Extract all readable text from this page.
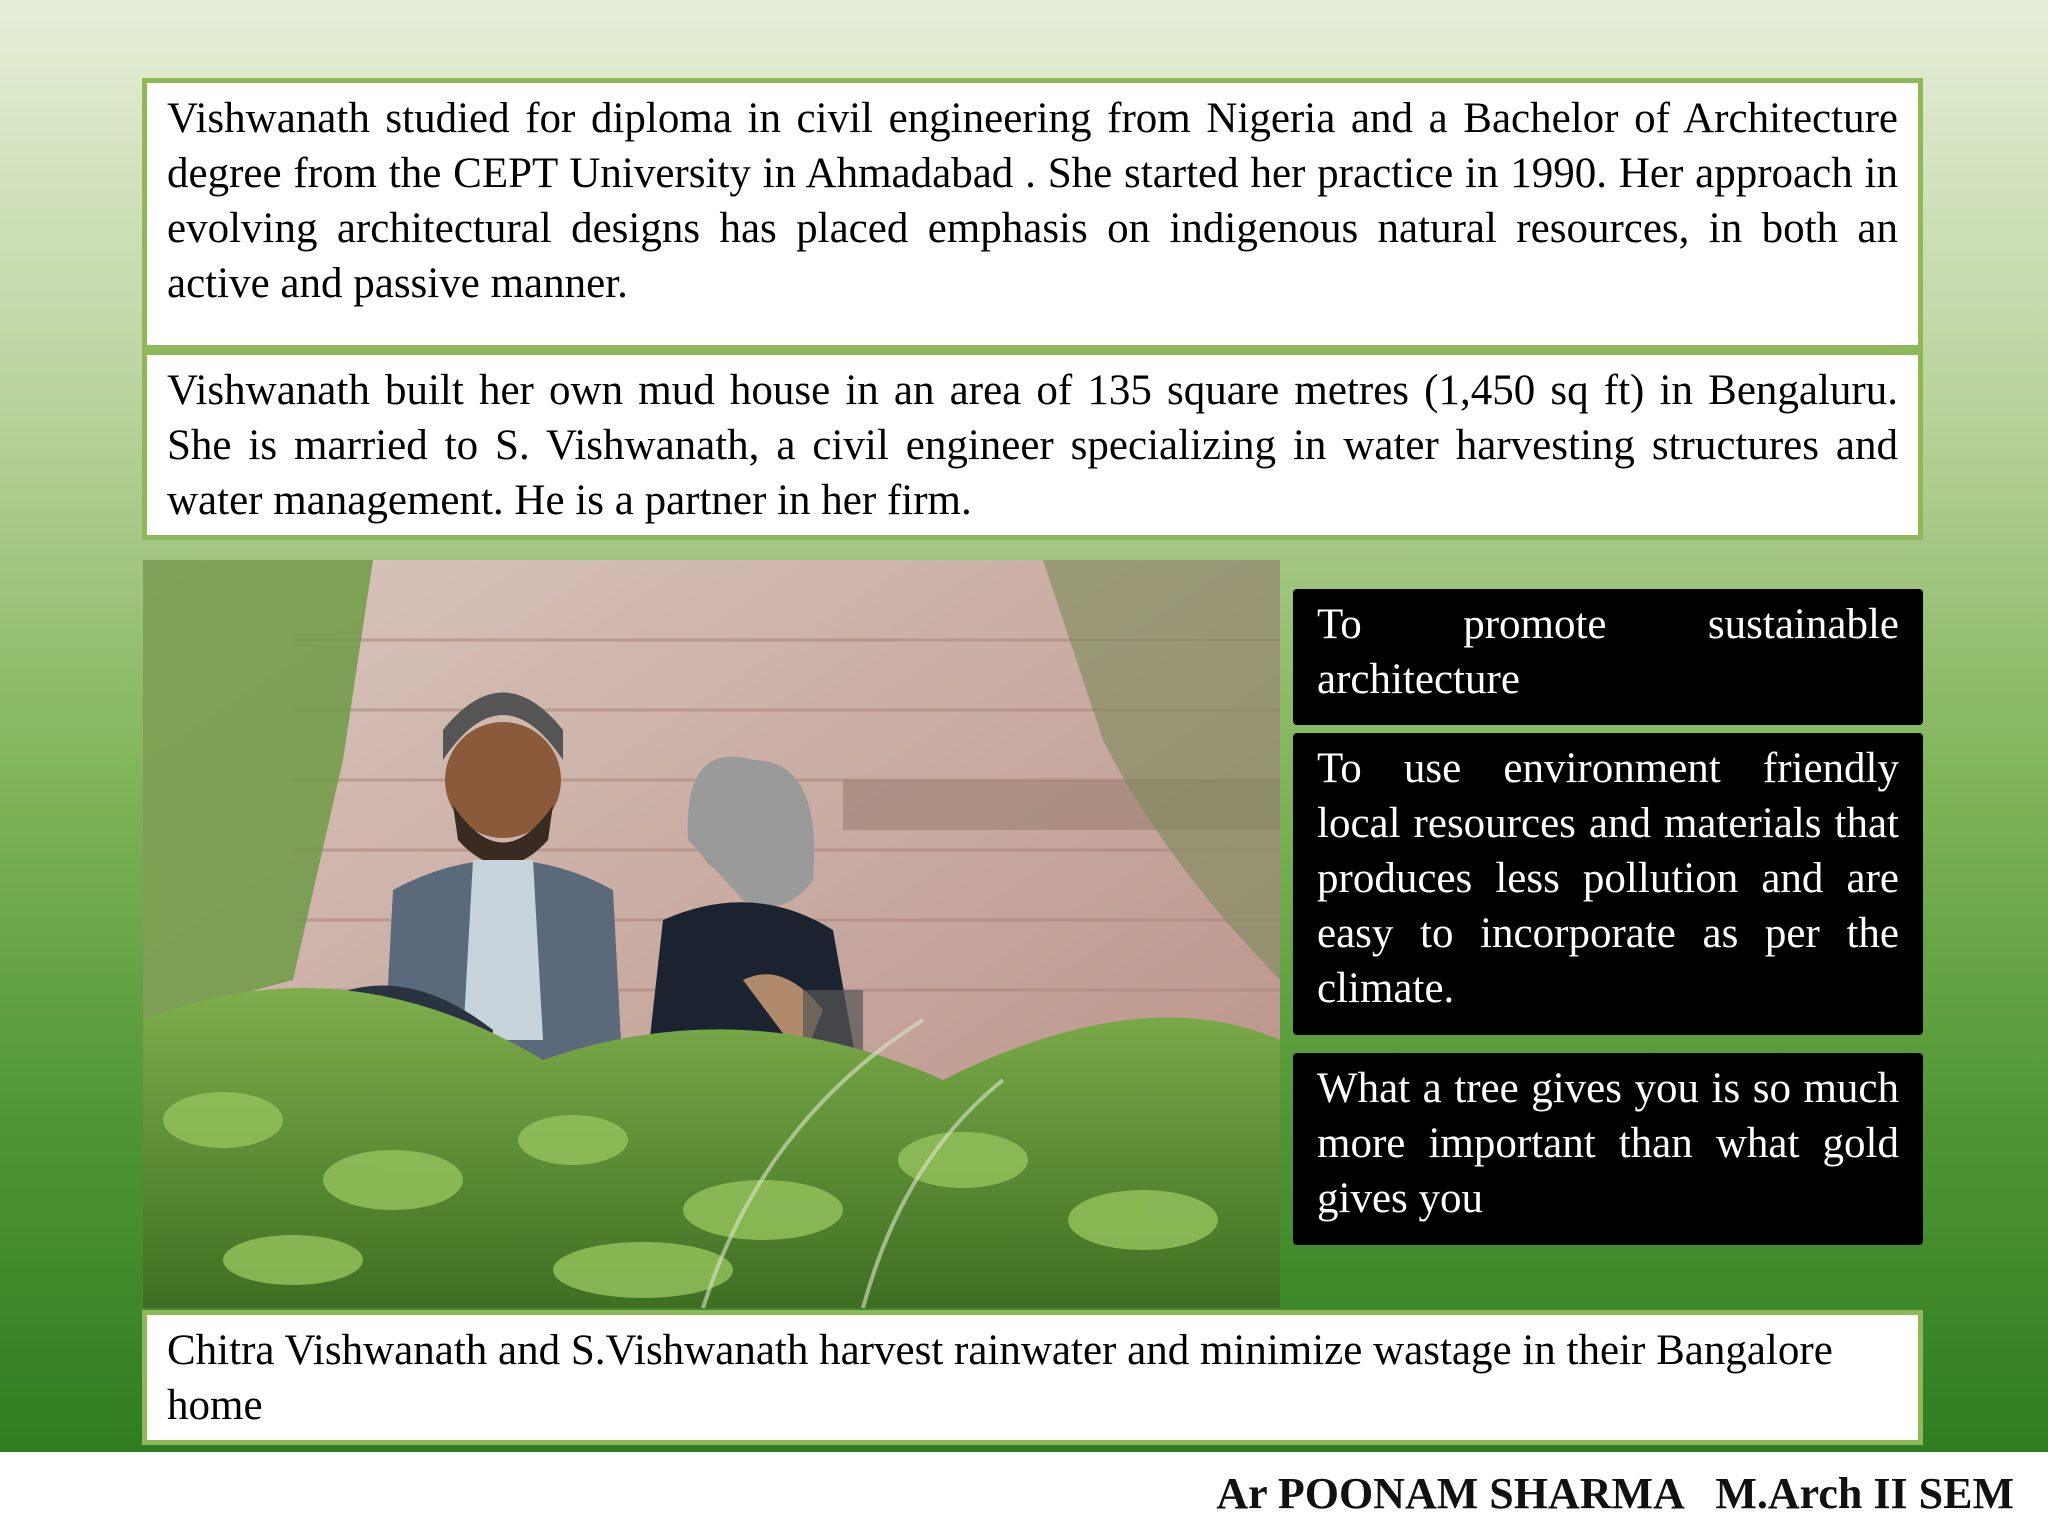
Vishwanath studied for diploma in civil engineering from Nigeria and a Bachelor of Architecture degree from the CEPT University in Ahmadabad . She started her practice in 1990. Her approach in evolving architectural designs has placed emphasis on indigenous natural resources, in both an active and passive manner.

Vishwanath built her own mud house in an area of 135 square metres (1,450 sq ft) in Bengaluru. She is married to S. Vishwanath, a civil engineer specializing in water harvesting structures and water management. He is a partner in her firm.

To promote sustainable architecture
To use environment friendly local resources and materials that produces less pollution and are easy to incorporate as per the climate.
What a tree gives you is so much more important than what gold gives you

Chitra Vishwanath and S.Vishwanath harvest rainwater and minimize wastage in their Bangalore home

Ar POONAM SHARMA   M.Arch II SEM
